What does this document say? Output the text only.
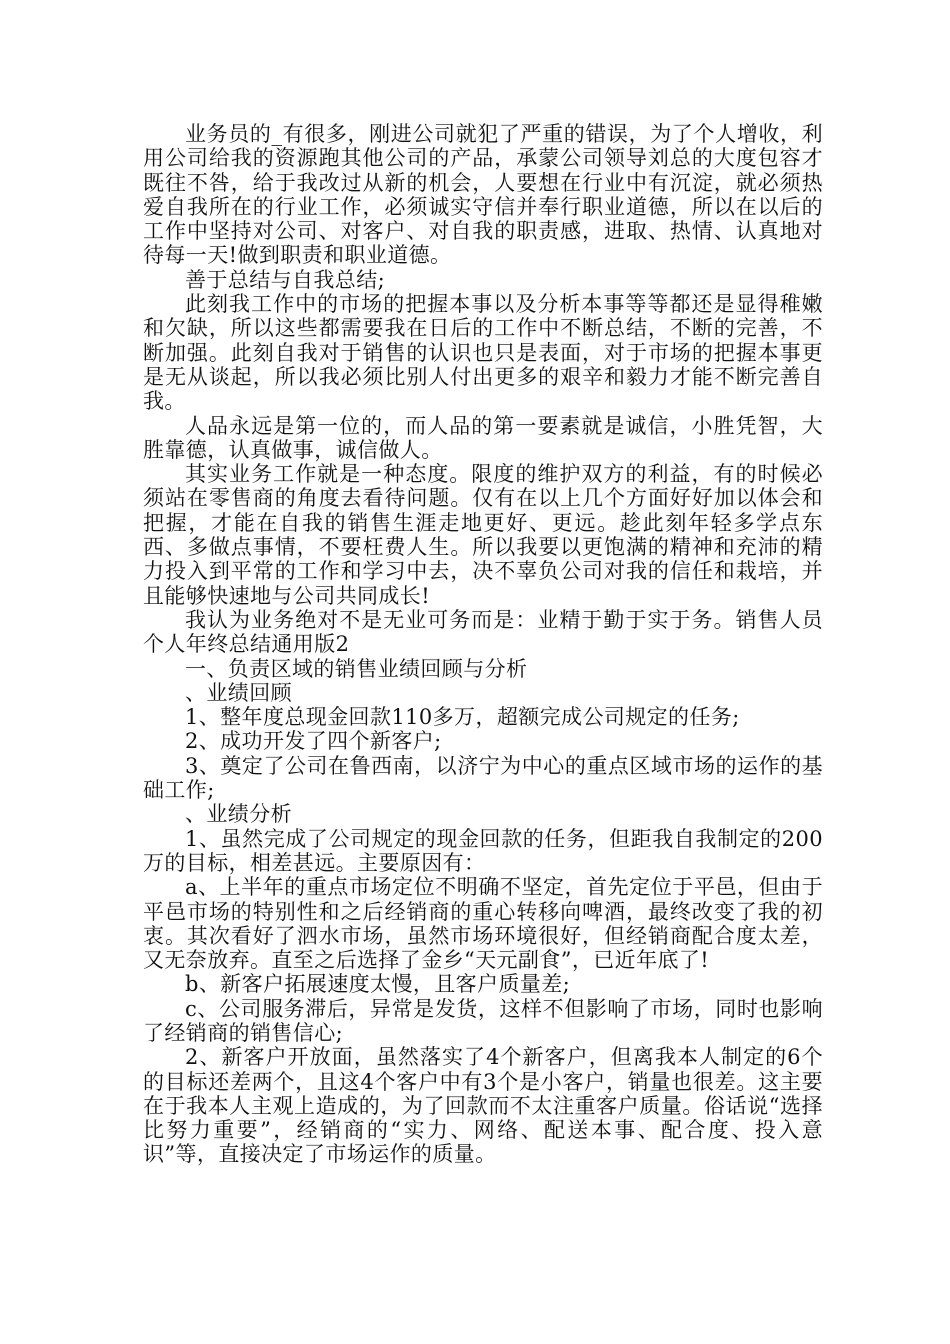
业务员的_有很多，刚进公司就犯了严重的错误，为了个人增收，利用公司给我的资源跑其他公司的产品，承蒙公司领导刘总的大度包容才既往不咎，给于我改过从新的机会，人要想在行业中有沉淀，就必须热爱自我所在的行业工作，必须诚实守信并奉行职业道德，所以在以后的工作中坚持对公司、对客户、对自我的职责感，进取、热情、认真地对待每一天!做到职责和职业道德。

善于总结与自我总结;

此刻我工作中的市场的把握本事以及分析本事等等都还是显得稚嫩和欠缺，所以这些都需要我在日后的工作中不断总结，不断的完善，不断加强。此刻自我对于销售的认识也只是表面，对于市场的把握本事更是无从谈起，所以我必须比别人付出更多的艰辛和毅力才能不断完善自我。

人品永远是第一位的，而人品的第一要素就是诚信，小胜凭智，大胜靠德，认真做事，诚信做人。

其实业务工作就是一种态度。限度的维护双方的利益，有的时候必须站在零售商的角度去看待问题。仅有在以上几个方面好好加以体会和把握，才能在自我的销售生涯走地更好、更远。趁此刻年轻多学点东西、多做点事情，不要枉费人生。所以我要以更饱满的精神和充沛的精力投入到平常的工作和学习中去，决不辜负公司对我的信任和栽培，并且能够快速地与公司共同成长!

我认为业务绝对不是无业可务而是：业精于勤于实于务。销售人员个人年终总结通用版2

一、负责区域的销售业绩回顾与分析

、业绩回顾

1、整年度总现金回款110多万，超额完成公司规定的任务;

2、成功开发了四个新客户;

3、奠定了公司在鲁西南，以济宁为中心的重点区域市场的运作的基础工作;

、业绩分析

1、虽然完成了公司规定的现金回款的任务，但距我自我制定的200万的目标，相差甚远。主要原因有：

a、上半年的重点市场定位不明确不坚定，首先定位于平邑，但由于平邑市场的特别性和之后经销商的重心转移向啤酒，最终改变了我的初衷。其次看好了泗水市场，虽然市场环境很好，但经销商配合度太差，又无奈放弃。直至之后选择了金乡“天元副食”，已近年底了!

b、新客户拓展速度太慢，且客户质量差;

c、公司服务滞后，异常是发货，这样不但影响了市场，同时也影响了经销商的销售信心;

2、新客户开放面，虽然落实了4个新客户，但离我本人制定的6个的目标还差两个，且这4个客户中有3个是小客户，销量也很差。这主要在于我本人主观上造成的，为了回款而不太注重客户质量。俗话说“选择比努力重要”，经销商的“实力、网络、配送本事、配合度、投入意识”等，直接决定了市场运作的质量。
